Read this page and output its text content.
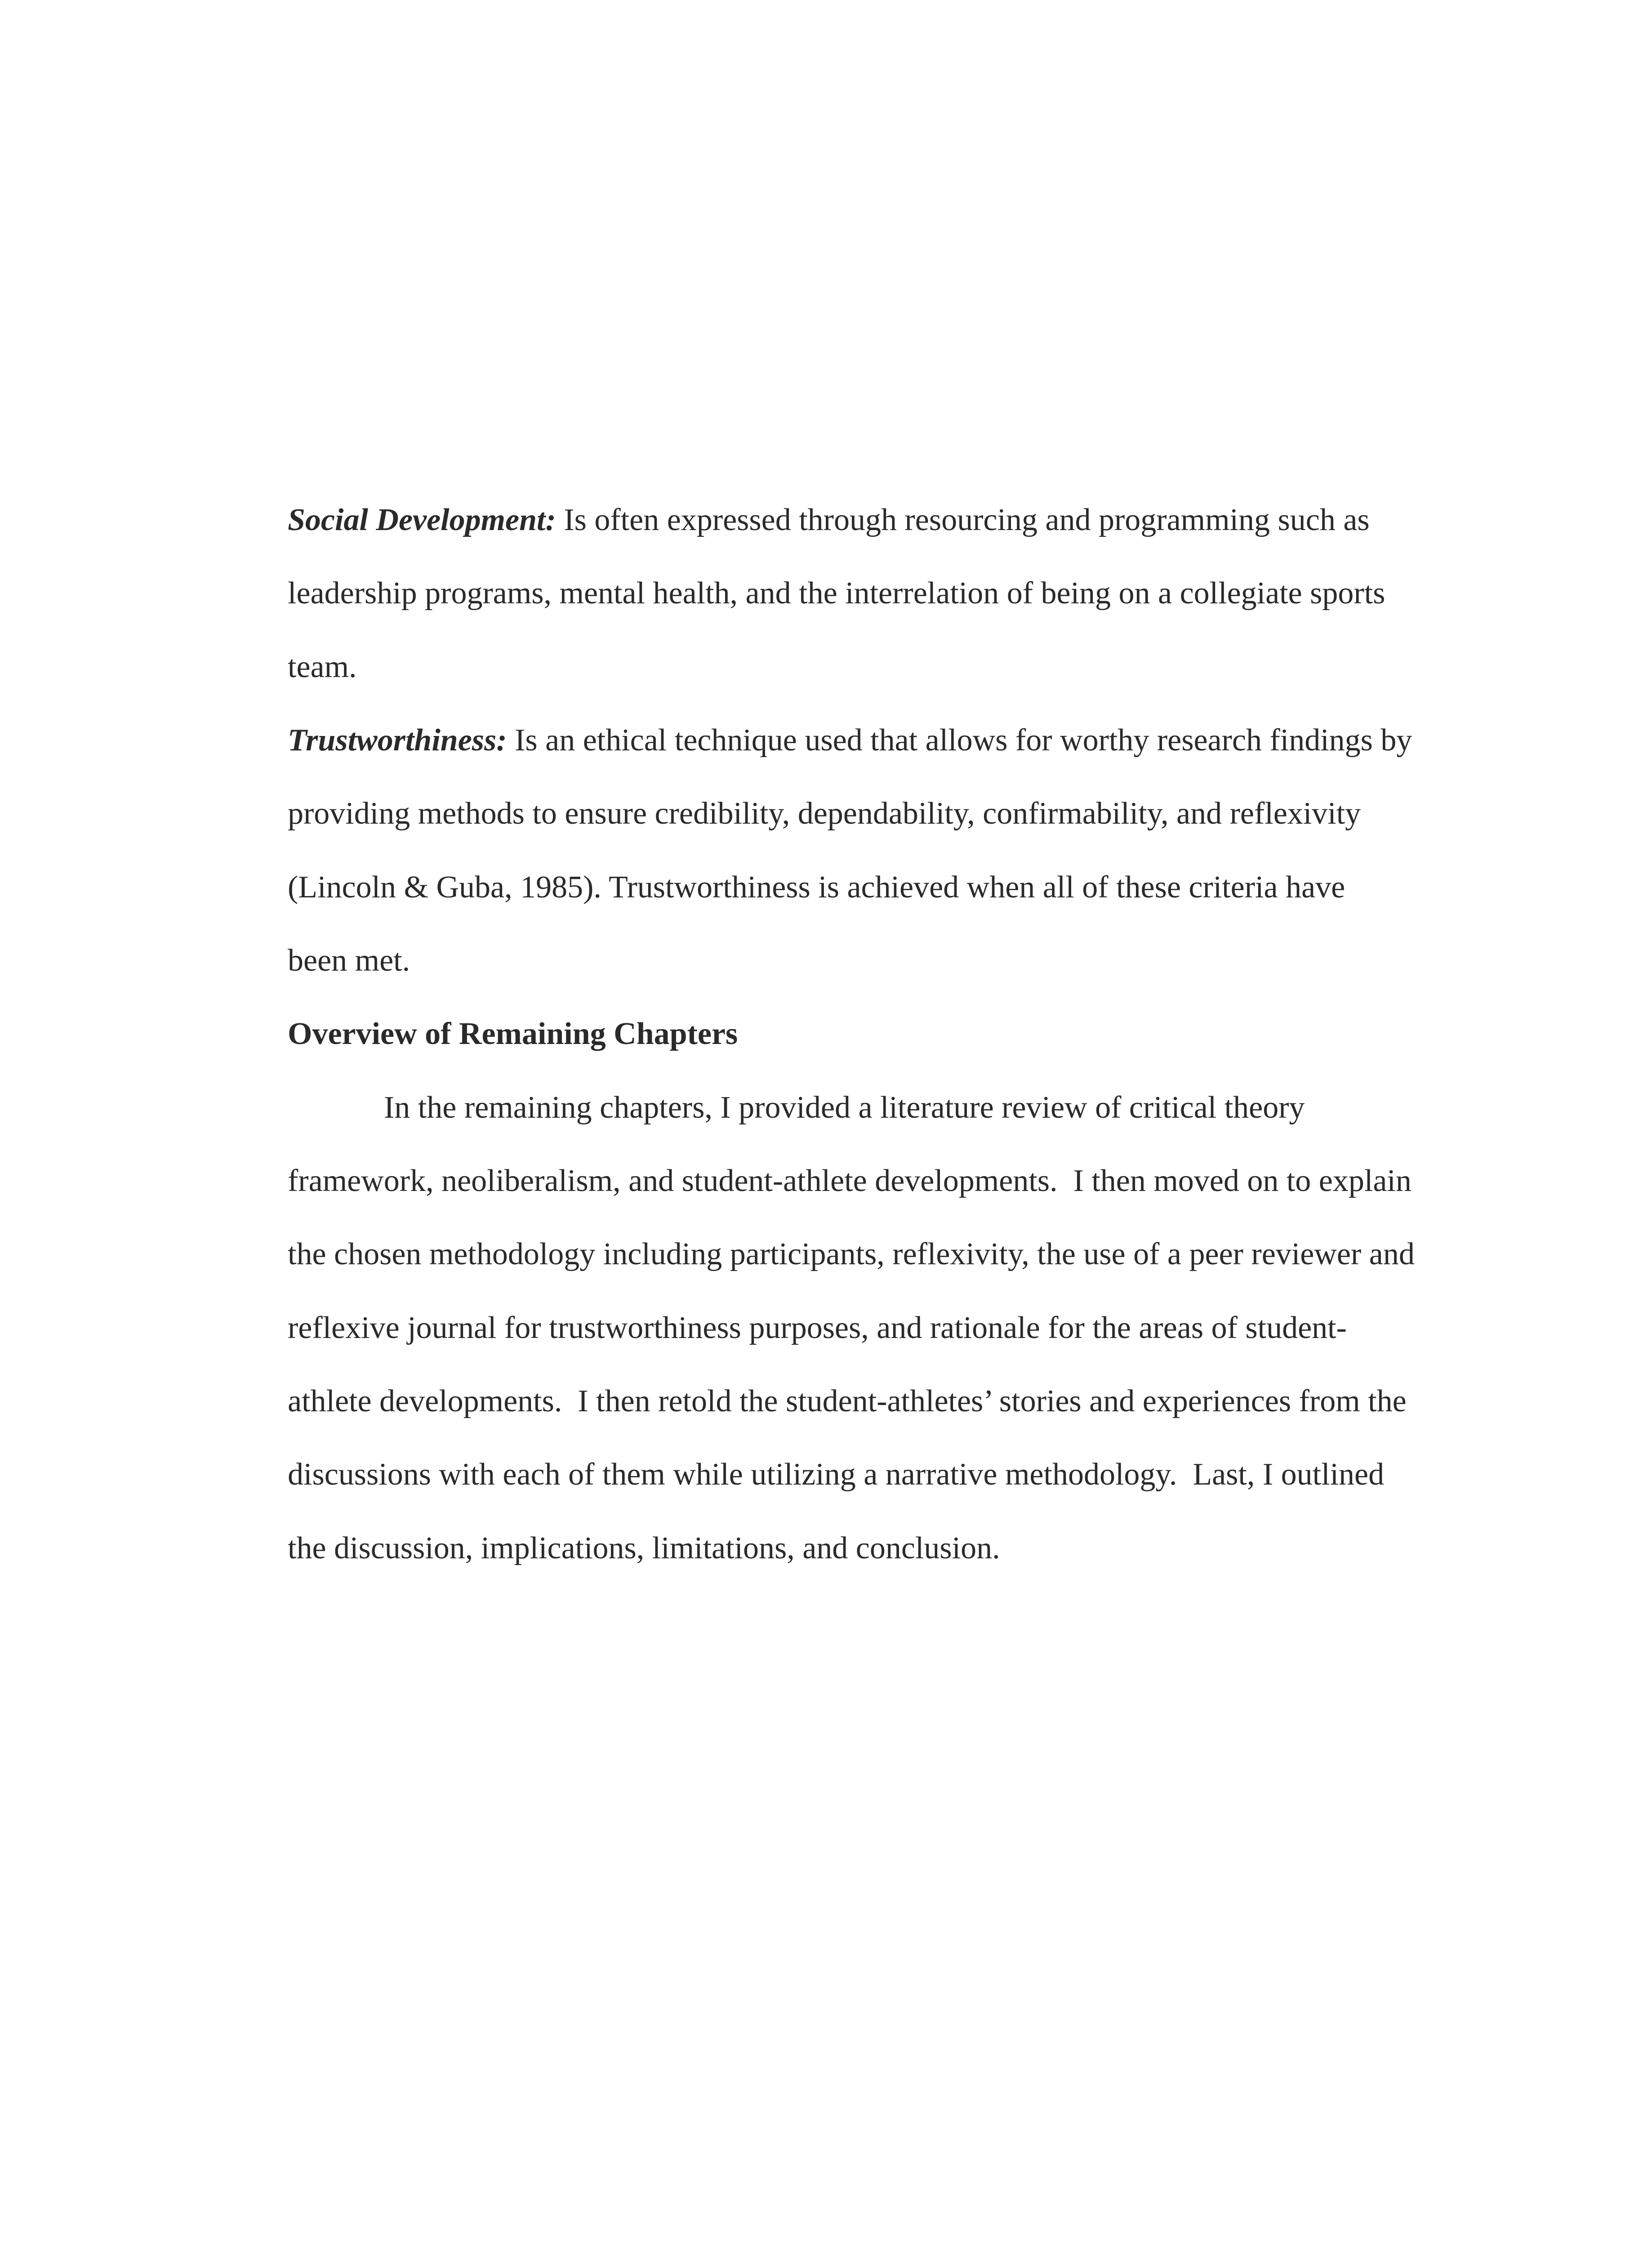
Social Development: Is often expressed through resourcing and programming such as
leadership programs, mental health, and the interrelation of being on a collegiate sports
team.
Trustworthiness: Is an ethical technique used that allows for worthy research findings by
providing methods to ensure credibility, dependability, confirmability, and reflexivity
(Lincoln & Guba, 1985). Trustworthiness is achieved when all of these criteria have
been met.
Overview of Remaining Chapters
In the remaining chapters, I provided a literature review of critical theory
framework, neoliberalism, and student-athlete developments.  I then moved on to explain
the chosen methodology including participants, reflexivity, the use of a peer reviewer and
reflexive journal for trustworthiness purposes, and rationale for the areas of student-
athlete developments.  I then retold the student-athletes’ stories and experiences from the
discussions with each of them while utilizing a narrative methodology.  Last, I outlined
the discussion, implications, limitations, and conclusion.
